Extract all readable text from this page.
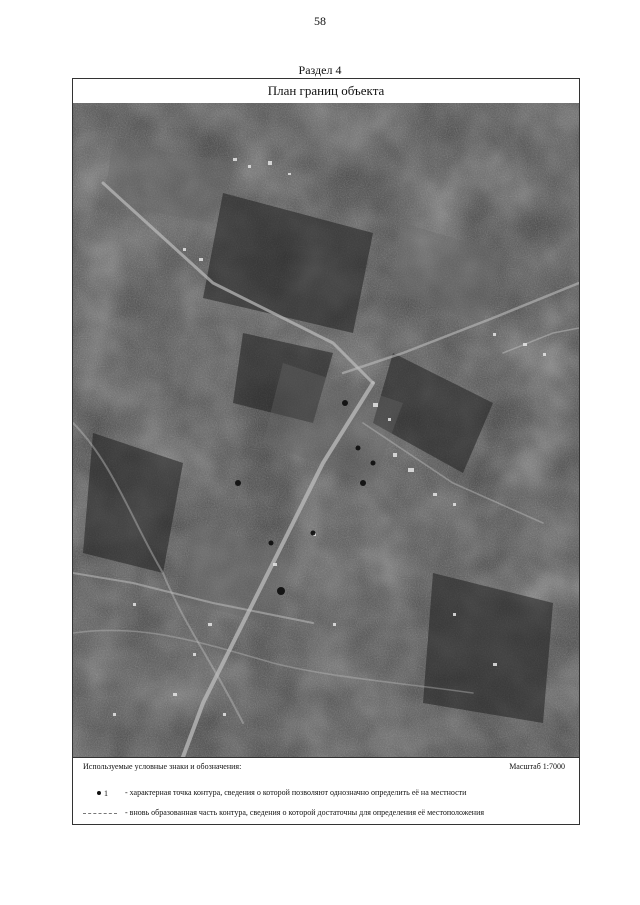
58
Раздел 4
План границ объекта
Используемые условные знаки и обозначения:	Масштаб 1:7000
1 - характерная точка контура, сведения о которой позволяют однозначно определить её на местности
- вновь образованная часть контура, сведения о которой достаточны для определения её местоположения
